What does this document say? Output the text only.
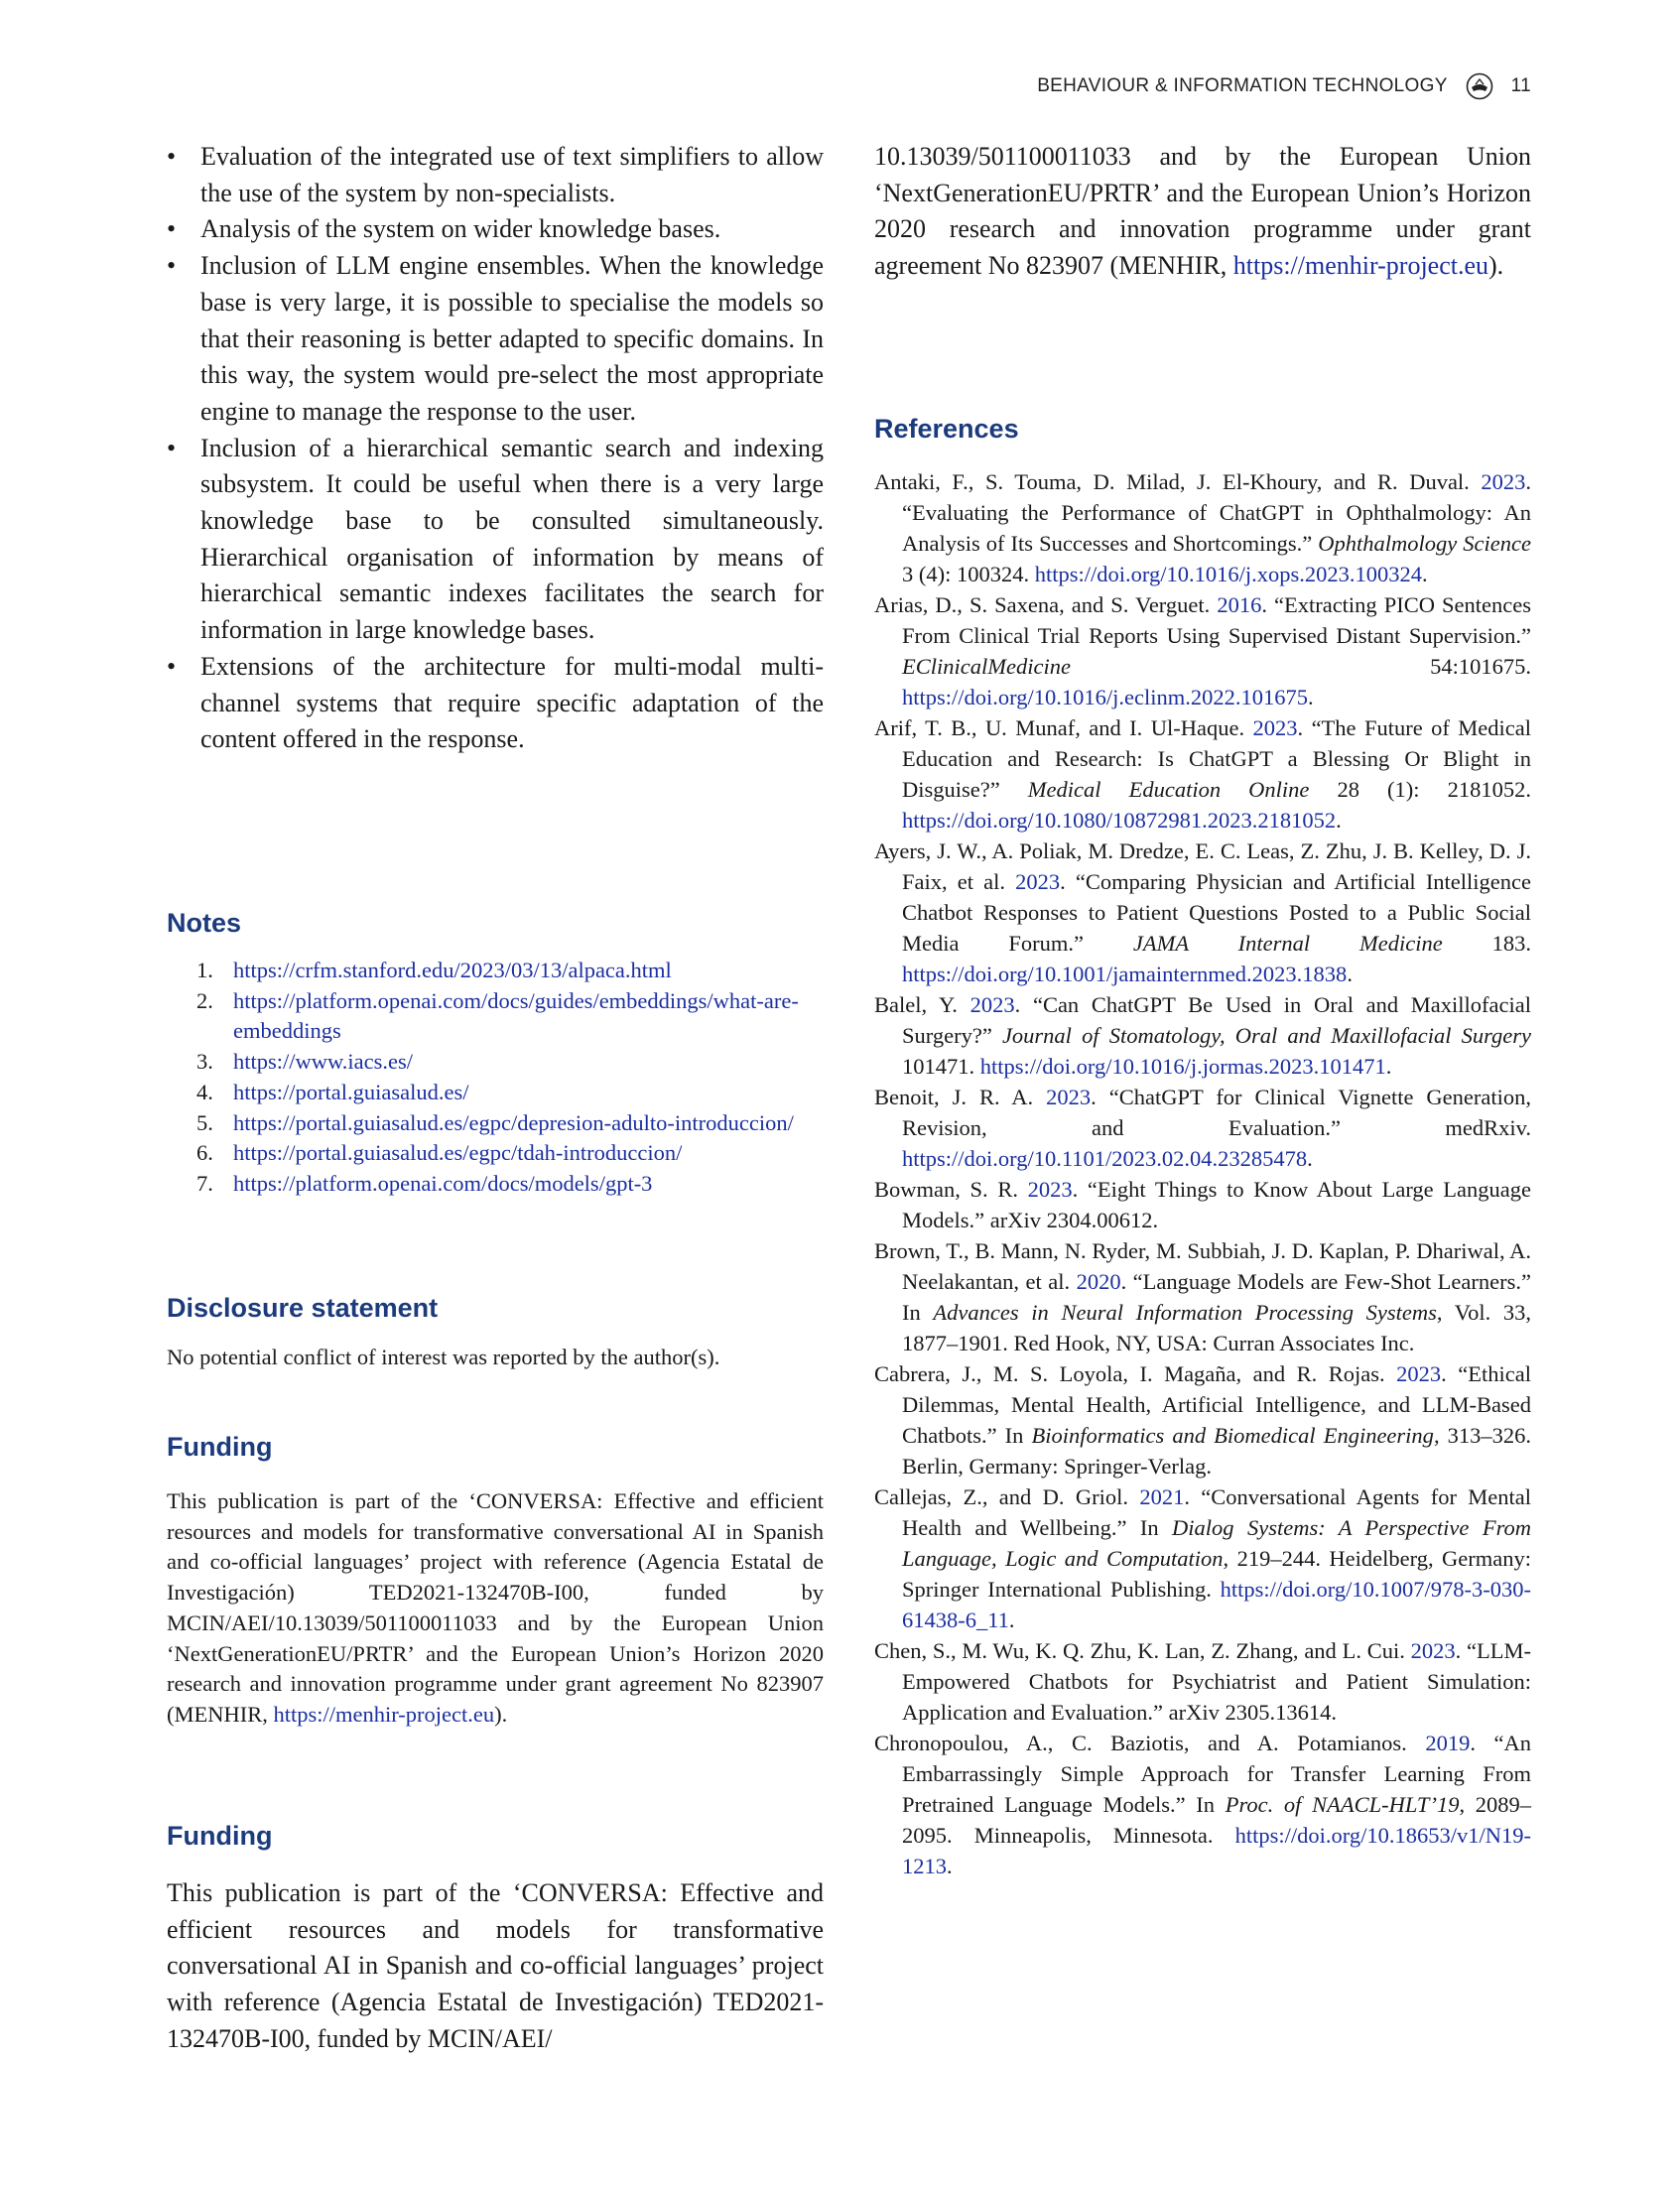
BEHAVIOUR & INFORMATION TECHNOLOGY	11
• Evaluation of the integrated use of text simplifiers to allow the use of the system by non-specialists.
• Analysis of the system on wider knowledge bases.
• Inclusion of LLM engine ensembles. When the knowledge base is very large, it is possible to specialise the models so that their reasoning is better adapted to specific domains. In this way, the system would pre-select the most appropriate engine to manage the response to the user.
• Inclusion of a hierarchical semantic search and indexing subsystem. It could be useful when there is a very large knowledge base to be consulted simultaneously. Hierarchical organisation of information by means of hierarchical semantic indexes facilitates the search for information in large knowledge bases.
• Extensions of the architecture for multi-modal multi-channel systems that require specific adaptation of the content offered in the response.
Notes
1. https://crfm.stanford.edu/2023/03/13/alpaca.html
2. https://platform.openai.com/docs/guides/embeddings/what-are-embeddings
3. https://www.iacs.es/
4. https://portal.guiasalud.es/
5. https://portal.guiasalud.es/egpc/depresion-adulto-introduccion/
6. https://portal.guiasalud.es/egpc/tdah-introduccion/
7. https://platform.openai.com/docs/models/gpt-3
Disclosure statement

No potential conflict of interest was reported by the author(s).

Funding

This publication is part of the ‘CONVERSA: Effective and efficient resources and models for transformative conversational AI in Spanish and co-official languages’ project with reference (Agencia Estatal de Investigación) TED2021-132470B-I00, funded by MCIN/AEI/10.13039/501100011033 and by the European Union ‘NextGenerationEU/PRTR’ and the European Union’s Horizon 2020 research and innovation programme under grant agreement No 823907 (MENHIR, https://menhir-project.eu).

Funding

This publication is part of the ‘CONVERSA: Effective and efficient resources and models for transformative conversational AI in Spanish and co-official languages’ project with reference (Agencia Estatal de Investigación) TED2021-132470B-I00, funded by MCIN/AEI/

10.13039/501100011033 and by the European Union ‘NextGenerationEU/PRTR’ and the European Union’s Horizon 2020 research and innovation programme under grant agreement No 823907 (MENHIR, https://menhir-project.eu).

References

Antaki, F., S. Touma, D. Milad, J. El-Khoury, and R. Duval. 2023. “Evaluating the Performance of ChatGPT in Ophthalmology: An Analysis of Its Successes and Shortcomings.” Ophthalmology Science 3 (4): 100324. https://doi.org/10.1016/j.xops.2023.100324.

Arias, D., S. Saxena, and S. Verguet. 2016. “Extracting PICO Sentences From Clinical Trial Reports Using Supervised Distant Supervision.” EClinicalMedicine 54:101675. https://doi.org/10.1016/j.eclinm.2022.101675.

Arif, T. B., U. Munaf, and I. Ul-Haque. 2023. “The Future of Medical Education and Research: Is ChatGPT a Blessing Or Blight in Disguise?” Medical Education Online 28 (1): 2181052. https://doi.org/10.1080/10872981.2023.2181052.

Ayers, J. W., A. Poliak, M. Dredze, E. C. Leas, Z. Zhu, J. B. Kelley, D. J. Faix, et al. 2023. “Comparing Physician and Artificial Intelligence Chatbot Responses to Patient Questions Posted to a Public Social Media Forum.” JAMA Internal Medicine 183. https://doi.org/10.1001/jamainternmed.2023.1838.

Balel, Y. 2023. “Can ChatGPT Be Used in Oral and Maxillofacial Surgery?” Journal of Stomatology, Oral and Maxillofacial Surgery 101471. https://doi.org/10.1016/j.jormas.2023.101471.

Benoit, J. R. A. 2023. “ChatGPT for Clinical Vignette Generation, Revision, and Evaluation.” medRxiv. https://doi.org/10.1101/2023.02.04.23285478.

Bowman, S. R. 2023. “Eight Things to Know About Large Language Models.” arXiv 2304.00612.

Brown, T., B. Mann, N. Ryder, M. Subbiah, J. D. Kaplan, P. Dhariwal, A. Neelakantan, et al. 2020. “Language Models are Few-Shot Learners.” In Advances in Neural Information Processing Systems, Vol. 33, 1877–1901. Red Hook, NY, USA: Curran Associates Inc.

Cabrera, J., M. S. Loyola, I. Magaña, and R. Rojas. 2023. “Ethical Dilemmas, Mental Health, Artificial Intelligence, and LLM-Based Chatbots.” In Bioinformatics and Biomedical Engineering, 313–326. Berlin, Germany: Springer-Verlag.

Callejas, Z., and D. Griol. 2021. “Conversational Agents for Mental Health and Wellbeing.” In Dialog Systems: A Perspective From Language, Logic and Computation, 219–244. Heidelberg, Germany: Springer International Publishing. https://doi.org/10.1007/978-3-030-61438-6_11.

Chen, S., M. Wu, K. Q. Zhu, K. Lan, Z. Zhang, and L. Cui. 2023. “LLM-Empowered Chatbots for Psychiatrist and Patient Simulation: Application and Evaluation.” arXiv 2305.13614.

Chronopoulou, A., C. Baziotis, and A. Potamianos. 2019. “An Embarrassingly Simple Approach for Transfer Learning From Pretrained Language Models.” In Proc. of NAACL-HLT’19, 2089–2095. Minneapolis, Minnesota. https://doi.org/10.18653/v1/N19-1213.
